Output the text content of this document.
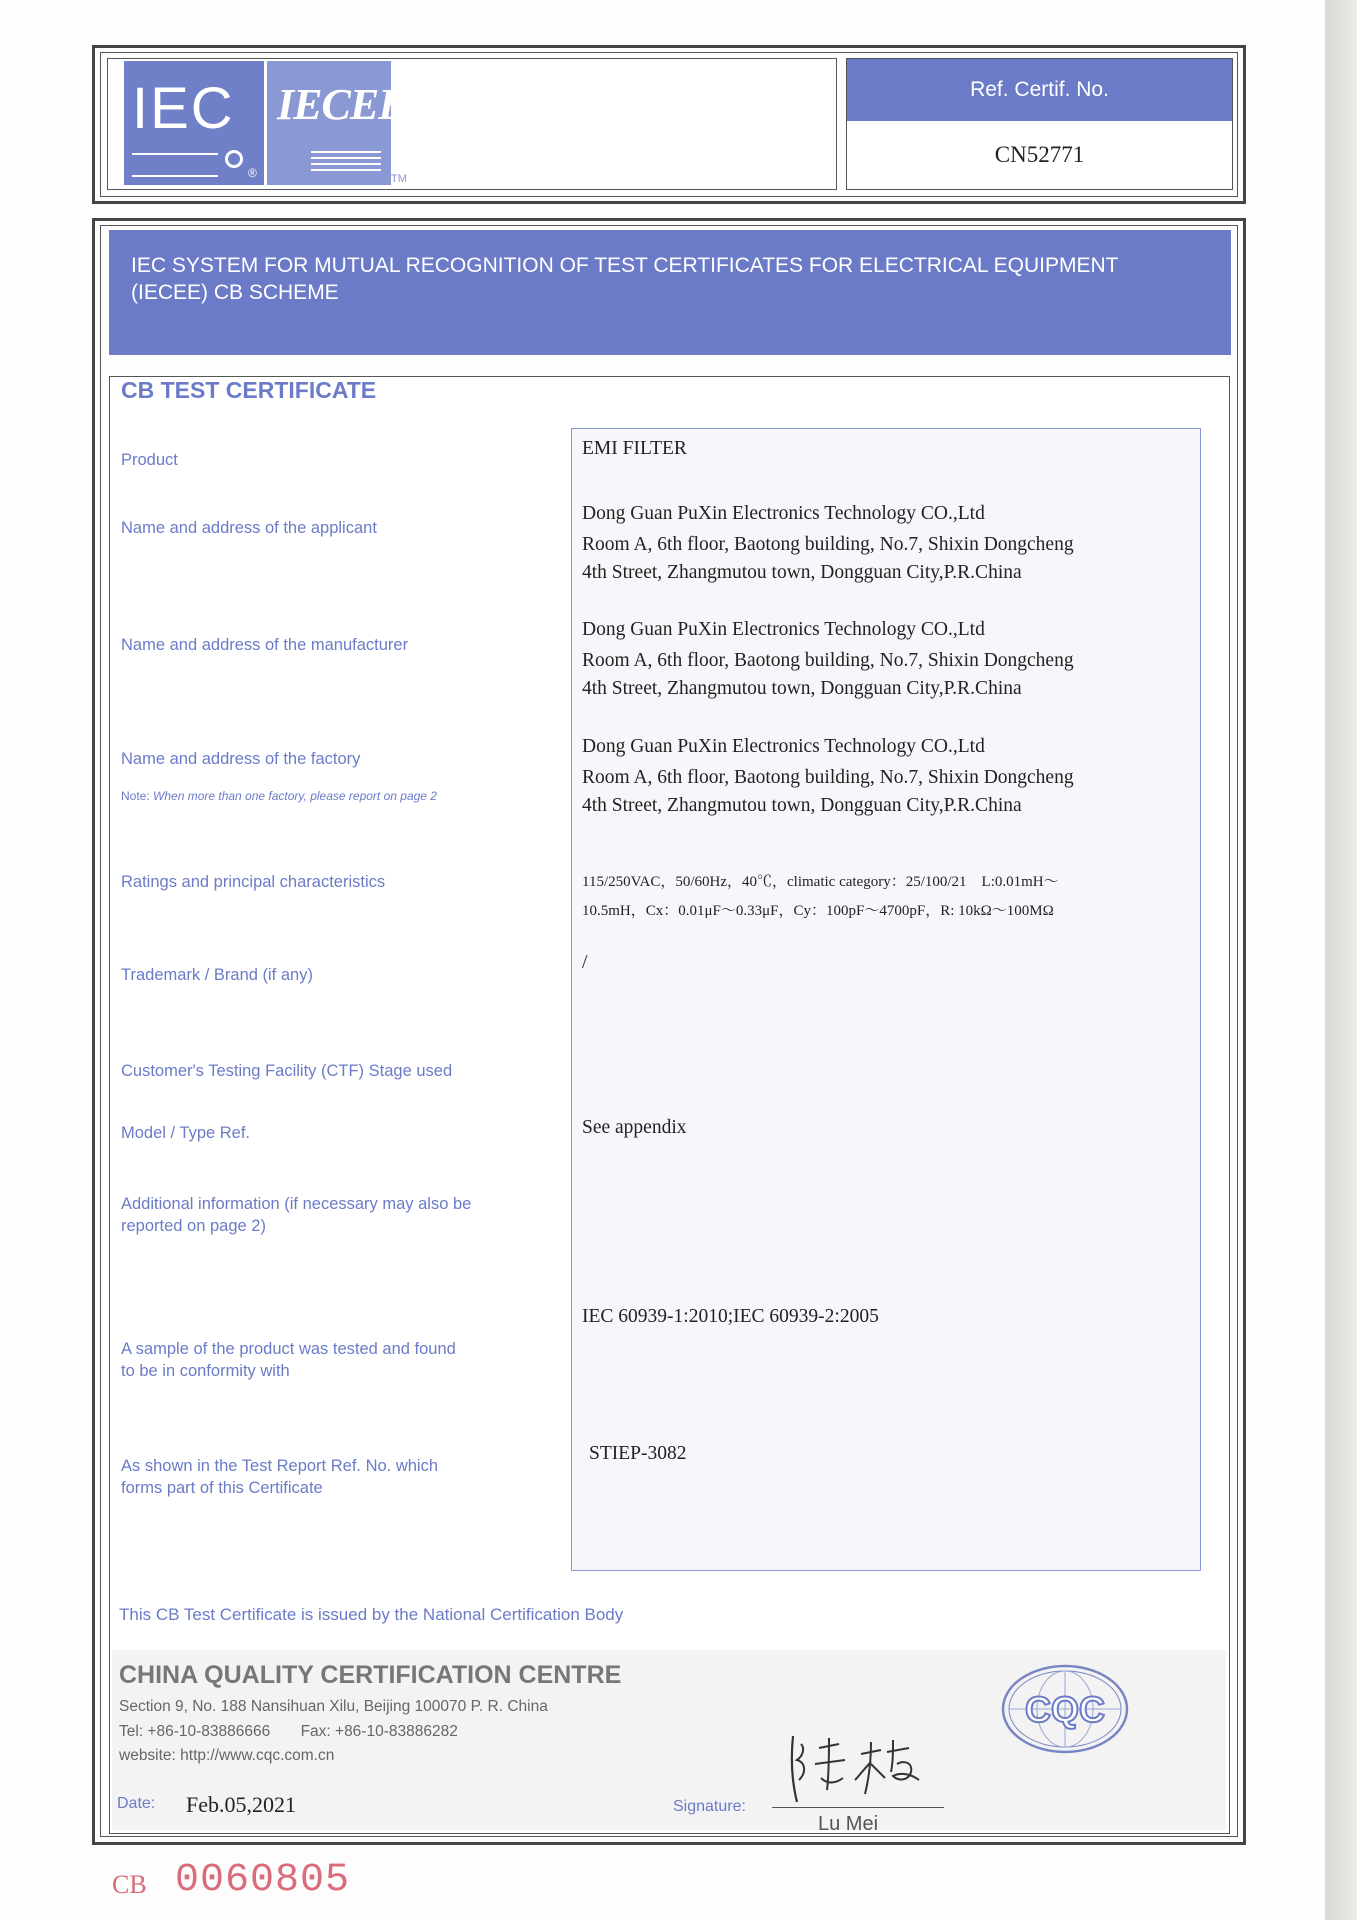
IEC
®
IECEE
TM
Ref. Certif. No.
CN52771
IEC SYSTEM FOR MUTUAL RECOGNITION OF TEST CERTIFICATES FOR ELECTRICAL EQUIPMENT
(IECEE) CB SCHEME
CB TEST CERTIFICATE
Product
Name and address of the applicant
Name and address of the manufacturer
Name and address of the factory
Note: When more than one factory, please report on page 2
Ratings and principal characteristics
Trademark / Brand (if any)
Customer's Testing Facility (CTF) Stage used
Model / Type Ref.
Additional information (if necessary may also be
reported on page 2)
A sample of the product was tested and found
to be in conformity with
As shown in the Test Report Ref. No. which
forms part of this Certificate
EMI FILTER
Dong Guan PuXin Electronics Technology CO.,Ltd
Room A, 6th floor, Baotong building, No.7, Shixin Dongcheng
4th Street, Zhangmutou town, Dongguan City,P.R.China
Dong Guan PuXin Electronics Technology CO.,Ltd
Room A, 6th floor, Baotong building, No.7, Shixin Dongcheng
4th Street, Zhangmutou town, Dongguan City,P.R.China
Dong Guan PuXin Electronics Technology CO.,Ltd
Room A, 6th floor, Baotong building, No.7, Shixin Dongcheng
4th Street, Zhangmutou town, Dongguan City,P.R.China
115/250VAC，50/60Hz，40℃，climatic category：25/100/21　L:0.01mH～
10.5mH，Cx：0.01μF～0.33μF，Cy：100pF～4700pF，R: 10kΩ～100MΩ
/
See appendix
IEC 60939-1:2010;IEC 60939-2:2005
STIEP-3082
This CB Test Certificate is issued by the National Certification Body
CHINA QUALITY CERTIFICATION CENTRE
Section 9, No. 188 Nansihuan Xilu, Beijing 100070 P. R. China
Tel: +86-10-83886666 Fax: +86-10-83886282
website: http://www.cqc.com.cn
CQC
Date: Feb.05,2021	Signature:
Lu Mei
CB 0060805
